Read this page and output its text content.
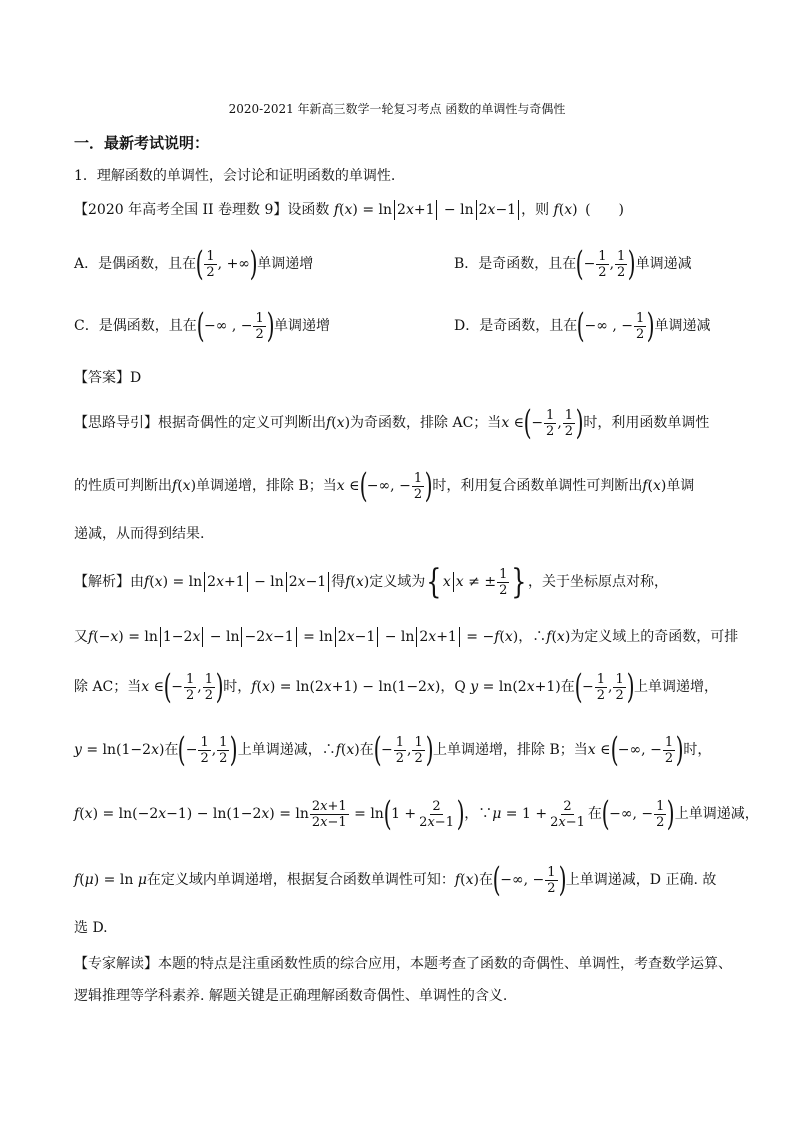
2020-2021 年新高三数学一轮复习考点 函数的单调性与奇偶性
一．最新考试说明：
1．理解函数的单调性，会讨论和证明函数的单调性.
【2020 年高考全国 II 卷理数 9】设函数 f(x) = ln 2x+1 − ln 2x−1 ，则 f(x) (　　)
A．是偶函数，且在( $\frac{1}{2}$ , +∞)单调递增	B．是奇函数，且在(− $\frac{1}{2}$ , $\frac{1}{2}$ )单调递减
C．是偶函数，且在(−∞ , − $\frac{1}{2}$ )单调递增	D．是奇函数，且在(−∞ , − $\frac{1}{2}$ )单调递减
【答案】D
【思路导引】根据奇偶性的定义可判断出f(x)为奇函数，排除 AC；当x ∈(− $\frac{1}{2}$ , $\frac{1}{2}$ )时，利用函数单调性
的性质可判断出f(x)单调递增，排除 B；当x ∈(−∞, − $\frac{1}{2}$ )时，利用复合函数单调性可判断出f(x)单调
递减，从而得到结果.
【解析】由f(x) = ln 2x+1 − ln 2x−1 得f(x)定义域为{x x ≠ ± $\frac{1}{2}$ }，关于坐标原点对称，
又f(−x) = ln 1−2x − ln −2x−1 = ln 2x−1 − ln 2x+1 = −f(x)，∴f(x)为定义域上的奇函数，可排
除 AC；当x ∈(− $\frac{1}{2}$ , $\frac{1}{2}$ )时，f(x) = ln(2x+1) − ln(1−2x)，Q y = ln(2x+1)在(− $\frac{1}{2}$ , $\frac{1}{2}$ )上单调递增，
y = ln(1−2x)在(− $\frac{1}{2}$ , $\frac{1}{2}$ )上单调递减，∴f(x)在(− $\frac{1}{2}$ , $\frac{1}{2}$ )上单调递增，排除 B；当x ∈(−∞, − $\frac{1}{2}$ )时，
$f(x) = \ln(-2x-1) - \ln(1-2x) = \ln \frac{2x+1}{2x-1} = \ln(1 + \frac{2}{2x-1}$ )，∵μ = $1 + \frac{2}{2x-1}$ 在(−∞, − $\frac{1}{2}$ )上单调递减，
f(μ) = ln μ在定义域内单调递增，根据复合函数单调性可知：f(x)在(−∞, − $\frac{1}{2}$ )上单调递减，D 正确. 故
选 D.
【专家解读】本题的特点是注重函数性质的综合应用，本题考查了函数的奇偶性、单调性，考查数学运算、
逻辑推理等学科素养. 解题关键是正确理解函数奇偶性、单调性的含义.
